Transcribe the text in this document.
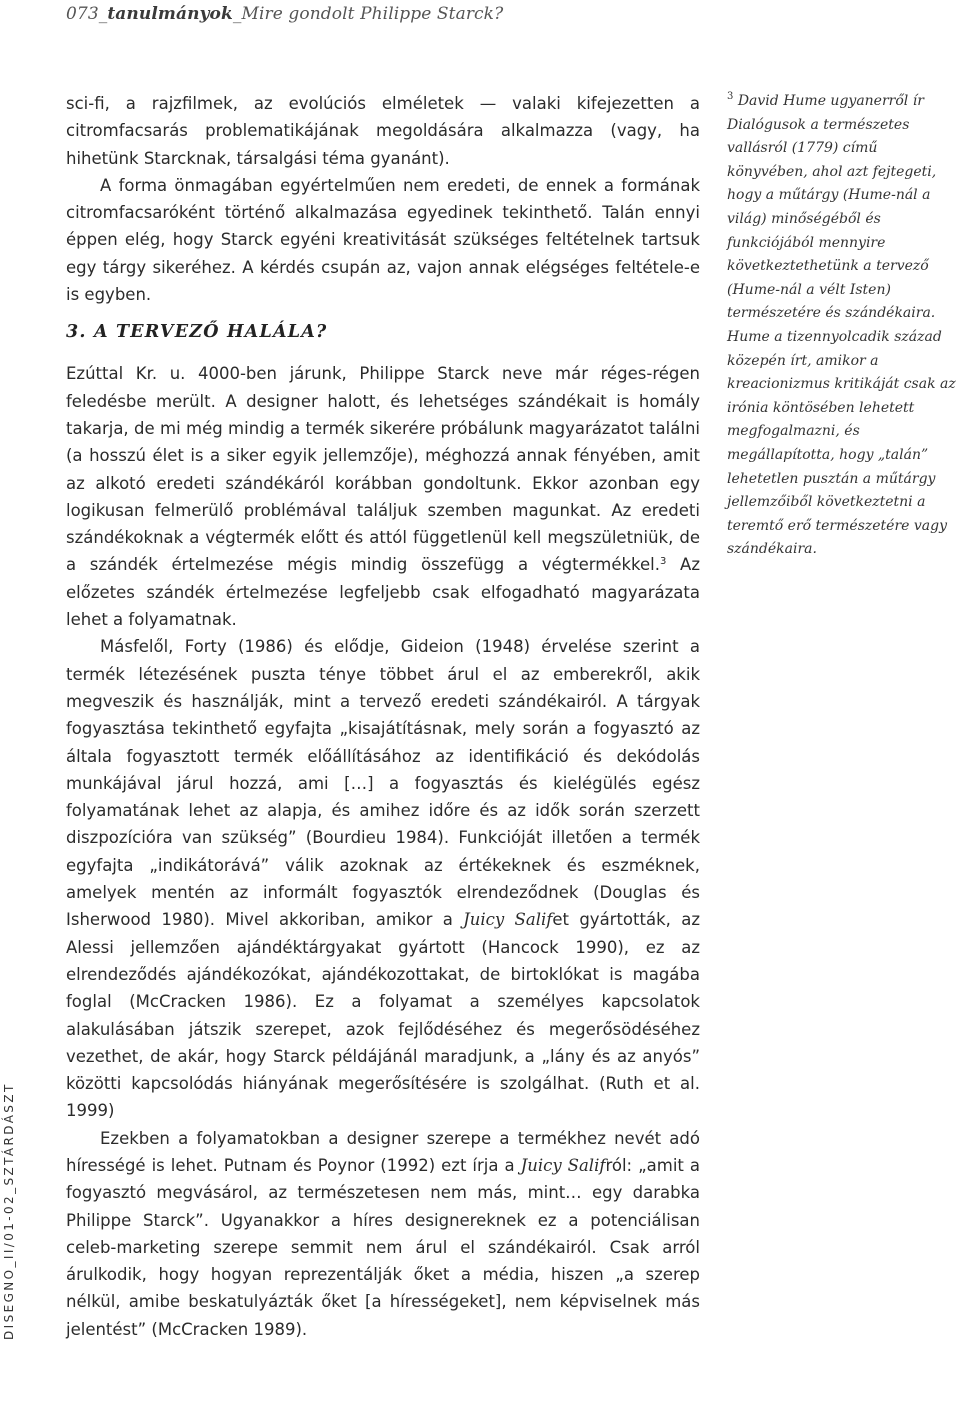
073_tanulmányok_Mire gondolt Philippe Starck?
DISEGNO_II/01-02_SZTÁRDÁSZT

sci-fi, a rajzfilmek, az evolúciós elméletek — valaki kifejezetten a citromfacsarás problematikájának megoldására alkalmazza (vagy, ha hihetünk Starcknak, társalgási téma gyanánt).

A forma önmagában egyértelműen nem eredeti, de ennek a formának citromfacsaróként történő alkalmazása egyedinek tekinthető. Talán ennyi éppen elég, hogy Starck egyéni kreativitását szükséges feltételnek tartsuk egy tárgy sikeréhez. A kérdés csupán az, vajon annak elégséges feltétele-e is egyben.

3. A TERVEZŐ HALÁLA?

Ezúttal Kr. u. 4000-ben járunk, Philippe Starck neve már réges-régen feledésbe merült. A designer halott, és lehetséges szándékait is homály takarja, de mi még mindig a termék sikerére próbálunk magyarázatot találni (a hosszú élet is a siker egyik jellemzője), méghozzá annak fényében, amit az alkotó eredeti szándékáról korábban gondoltunk. Ekkor azonban egy logikusan felmerülő problémával találjuk szemben magunkat. Az eredeti szándékoknak a végtermék előtt és attól függetlenül kell megszületniük, de a szándék értelmezése mégis mindig összefügg a végtermékkel.$^3$ Az előzetes szándék értelmezése legfeljebb csak elfogadható magyarázata lehet a folyamatnak.

Másfelől, Forty (1986) és elődje, Gideion (1948) érvelése szerint a termék létezésének puszta ténye többet árul el az emberekről, akik megveszik és használják, mint a tervező eredeti szándékairól. A tárgyak fogyasztása tekinthető egyfajta „kisajátításnak, mely során a fogyasztó az általa fogyasztott termék előállításához az identifikáció és dekódolás munkájával járul hozzá, ami […] a fogyasztás és kielégülés egész folyamatának lehet az alapja, és amihez időre és az idők során szerzett diszpozícióra van szükség” (Bourdieu 1984). Funkcióját illetően a termék egyfajta „indikátorává” válik azoknak az értékeknek és eszméknek, amelyek mentén az informált fogyasztók elrendeződnek (Douglas és Isherwood 1980). Mivel akkoriban, amikor a Juicy Salifet gyártották, az Alessi jellemzően ajándéktárgyakat gyártott (Hancock 1990), ez az elrendeződés ajándékozókat, ajándékozottakat, de birtoklókat is magába foglal (McCracken 1986). Ez a folyamat a személyes kapcsolatok alakulásában játszik szerepet, azok fejlődéséhez és megerősödéséhez vezethet, de akár, hogy Starck példájánál maradjunk, a „lány és az anyós” közötti kapcsolódás hiányának megerősítésére is szolgálhat. (Ruth et al. 1999)

Ezekben a folyamatokban a designer szerepe a termékhez nevét adó hírességé is lehet. Putnam és Poynor (1992) ezt írja a Juicy Salifról: „amit a fogyasztó megvásárol, az természetesen nem más, mint… egy darabka Philippe Starck”. Ugyanakkor a híres designereknek ez a potenciálisan celeb-marketing szerepe semmit nem árul el szándékairól. Csak arról árulkodik, hogy hogyan reprezentálják őket a média, hiszen „a szerep nélkül, amibe beskatulyázták őket [a hírességeket], nem képviselnek más jelentést” (McCracken 1989).

$^3$ David Hume ugyanerről ír Dialógusok a természetes vallásról (1779) című könyvében, ahol azt fejtegeti, hogy a műtárgy (Hume-nál a világ) minőségéből és funkciójából mennyire következtethetünk a tervező (Hume-nál a vélt Isten) természetére és szándékaira. Hume a tizennyolcadik század közepén írt, amikor a kreacionizmus kritikáját csak az irónia köntösében lehetett megfogalmazni, és megállapította, hogy „talán” lehetetlen pusztán a műtárgy jellemzőiből következtetni a teremtő erő természetére vagy szándékaira.
